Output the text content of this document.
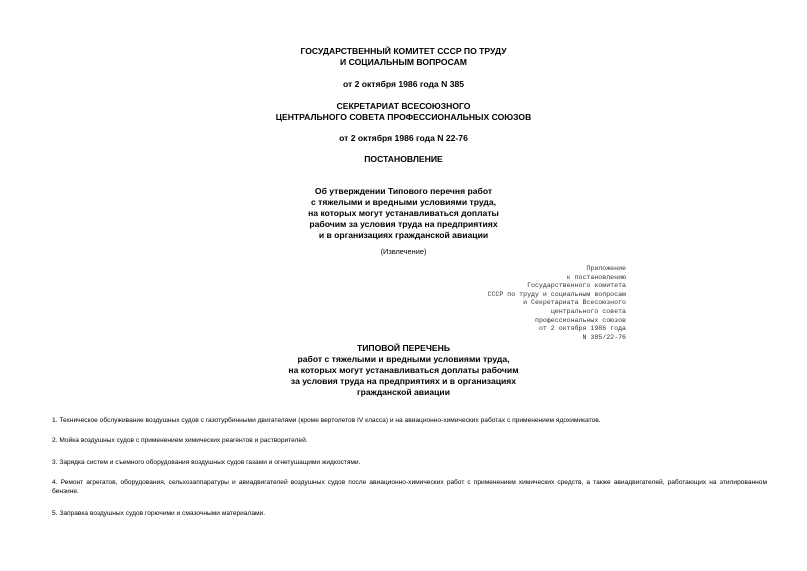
ГОСУДАРСТВЕННЫЙ КОМИТЕТ СССР ПО ТРУДУ
И СОЦИАЛЬНЫМ ВОПРОСАМ
от 2 октября 1986 года N 385
СЕКРЕТАРИАТ ВСЕСОЮЗНОГО
ЦЕНТРАЛЬНОГО СОВЕТА ПРОФЕССИОНАЛЬНЫХ СОЮЗОВ
от 2 октября 1986 года N 22-76
ПОСТАНОВЛЕНИЕ
Об утверждении Типового перечня работ
с тяжелыми и вредными условиями труда,
на которых могут устанавливаться доплаты
рабочим за условия труда на предприятиях
и в организациях гражданской авиации
(Извлечение)
Приложение
к постановлению
Государственного комитета
СССР по труду и социальным вопросам
и Секретариата Всесоюзного
центрального совета
профессиональных союзов
от 2 октября 1986 года
N 385/22-76
ТИПОВОЙ ПЕРЕЧЕНЬ
работ с тяжелыми и вредными условиями труда,
на которых могут устанавливаться доплаты рабочим
за условия труда на предприятиях и в организациях
гражданской авиации
1. Техническое обслуживание воздушных судов с газотурбинными двигателями (кроме вертолетов IV класса) и на авиационно-химических работах с применением ядохимикатов.
2. Мойка воздушных судов с применением химических реагентов и растворителей.
3. Зарядка систем и съемного оборудования воздушных судов газами и огнетушащими жидкостями.
4. Ремонт агрегатов, оборудования, сельхозаппаратуры и авиадвигателей воздушных судов после авиационно-химических работ с применением химических средств, а также авиадвигателей, работающих на этилированном бензине.
5. Заправка воздушных судов горючими и смазочными материалами.
